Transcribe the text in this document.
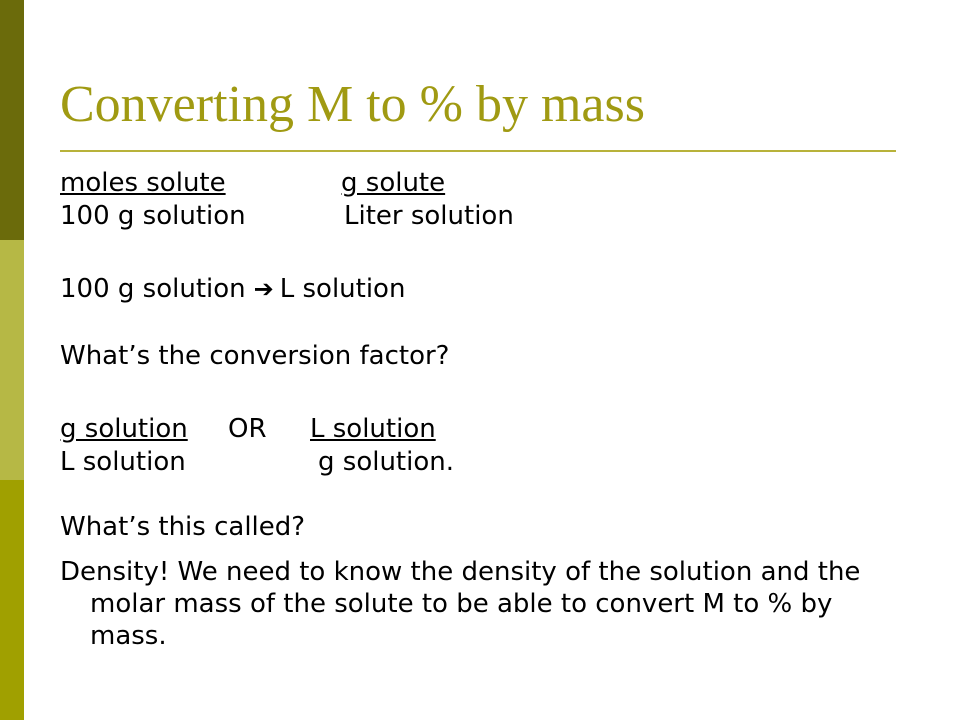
Converting M to % by mass
moles solute	g solute
100 g solution	Liter solution
100 g solution ➔ L solution
What’s the conversion factor?
g solution OR L solution
L solution	g solution.
What’s this called?
Density! We need to know the density of the solution and the molar mass of the solute to be able to convert M to % by mass.
